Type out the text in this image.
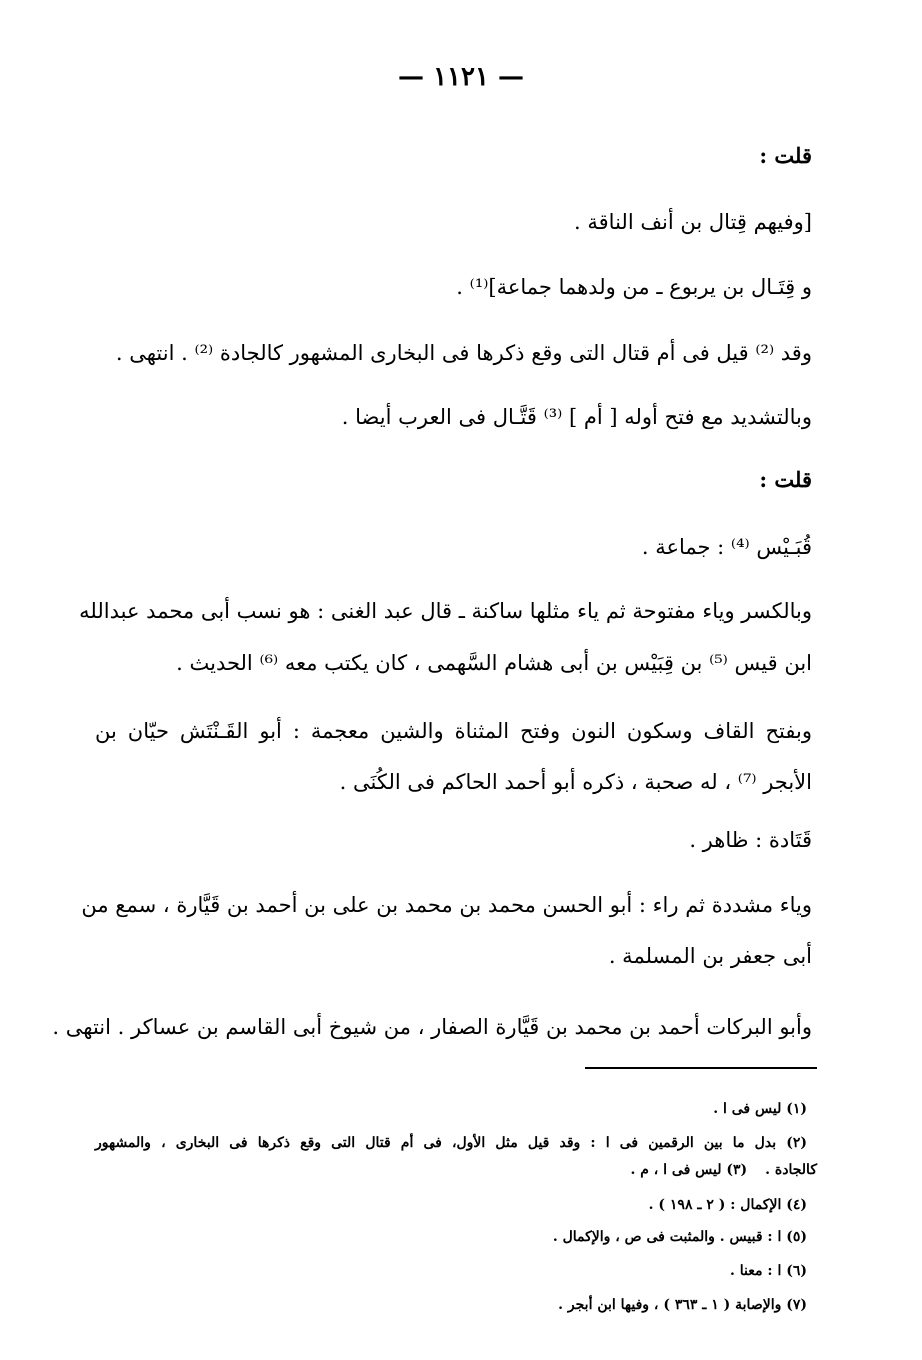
— ١١٢١ —
قلت :
[وفيهم قِتال بن أنف الناقة .
و قِتَـال بن يربوع ـ من ولدهما جماعة]⁽¹⁾ .
وقد ⁽²⁾ قيل فى أم قتال التى وقع ذكرها فى البخارى المشهور كالجادة ⁽²⁾ . انتهى .
وبالتشديد مع فتح أوله [ أم ] ⁽³⁾ قَتَّـال فى العرب أيضا .
قلت :
قُبَـيْس ⁽⁴⁾ : جماعة .
وبالكسر وياء مفتوحة ثم ياء مثلها ساكنة ـ قال عبد الغنى : هو نسب أبى محمد عبدالله
ابن قيس ⁽⁵⁾ بن قِبَيْس بن أبى هشام السَّهمى ، كان يكتب معه ⁽⁶⁾ الحديث .
وبفتح القاف وسكون النون وفتح المثناة والشين معجمة : أبو القَـنْتَش حيّان بن
الأبجر ⁽⁷⁾ ، له صحبة ، ذكره أبو أحمد الحاكم فى الكُنَى .
قَتَادة : ظاهر .
وياء مشددة ثم راء : أبو الحسن محمد بن محمد بن على بن أحمد بن قَيَّارة ، سمع من
أبى جعفر بن المسلمة .
وأبو البركات أحمد بن محمد بن قَيَّارة الصفار ، من شيوخ أبى القاسم بن عساكر . انتهى .
(١) ليس فى ا .
(٢) بدل ما بين الرقمين فى ا : وقد قيل مثل الأول، فى أم قتال التى وقع ذكرها فى البخارى ، والمشهور
كالجادة .(٣) ليس فى ا ، م .
(٤) الإكمال : ( ٢ ـ ١٩٨ ) .
(٥) ا : قبيس . والمثبت فى ص ، والإكمال .
(٦) ا : معنا .
(٧) والإصابة ( ١ ـ ٣٦٣ ) ، وفيها ابن أبجر .
